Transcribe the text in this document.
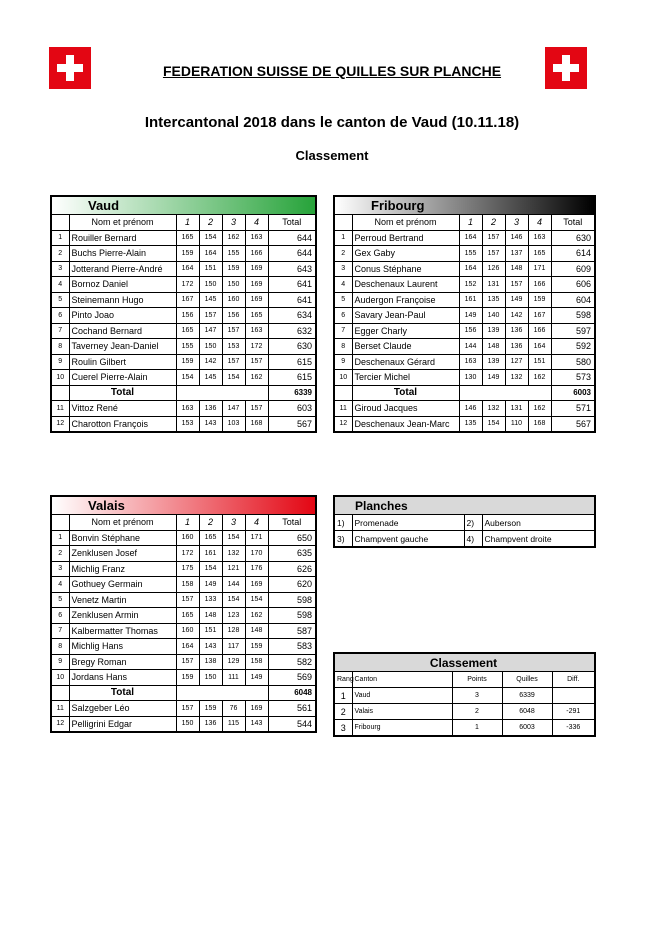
FEDERATION SUISSE DE QUILLES SUR PLANCHE
Intercantonal 2018 dans le canton de Vaud (10.11.18)
Classement
Vaud						
	Nom et prénom	1	2	3	4	Total
1	Rouiller Bernard	165	154	162	163	644
2	Buchs Pierre-Alain	159	164	155	166	644
3	Jotterand Pierre-André	164	151	159	169	643
4	Bornoz Daniel	172	150	150	169	641
5	Steinemann Hugo	167	145	160	169	641
6	Pinto Joao	156	157	156	165	634
7	Cochand Bernard	165	147	157	163	632
8	Taverney Jean-Daniel	155	150	153	172	630
9	Roulin Gilbert	159	142	157	157	615
10	Cuerel Pierre-Alain	154	145	154	162	615
	Total					6339
11	Vittoz René	163	136	147	157	603
12	Charotton François	153	143	103	168	567
Fribourg						
	Nom et prénom	1	2	3	4	Total
1	Perroud Bertrand	164	157	146	163	630
2	Gex Gaby	155	157	137	165	614
3	Conus Stéphane	164	126	148	171	609
4	Deschenaux Laurent	152	131	157	166	606
5	Audergon Françoise	161	135	149	159	604
6	Savary Jean-Paul	149	140	142	167	598
7	Egger Charly	156	139	136	166	597
8	Berset Claude	144	148	136	164	592
9	Deschenaux Gérard	163	139	127	151	580
10	Tercier Michel	130	149	132	162	573
	Total					6003
11	Giroud Jacques	146	132	131	162	571
12	Deschenaux Jean-Marc	135	154	110	168	567
Valais						
	Nom et prénom	1	2	3	4	Total
1	Bonvin Stéphane	160	165	154	171	650
2	Zenklusen Josef	172	161	132	170	635
3	Michlig Franz	175	154	121	176	626
4	Gothuey Germain	158	149	144	169	620
5	Venetz Martin	157	133	154	154	598
6	Zenklusen Armin	165	148	123	162	598
7	Kalbermatter Thomas	160	151	128	148	587
8	Michlig Hans	164	143	117	159	583
9	Bregy Roman	157	138	129	158	582
10	Jordans Hans	159	150	111	149	569
	Total					6048
11	Salzgeber Léo	157	159	76	169	561
12	Pelligrini Edgar	150	136	115	143	544
Planches			
1)	Promenade	2)	Auberson
3)	Champvent gauche	4)	Champvent droite
Classement				
Rang	Canton	Points	Quilles	Diff.
1	Vaud	3	6339	
2	Valais	2	6048	-291
3	Fribourg	1	6003	-336
